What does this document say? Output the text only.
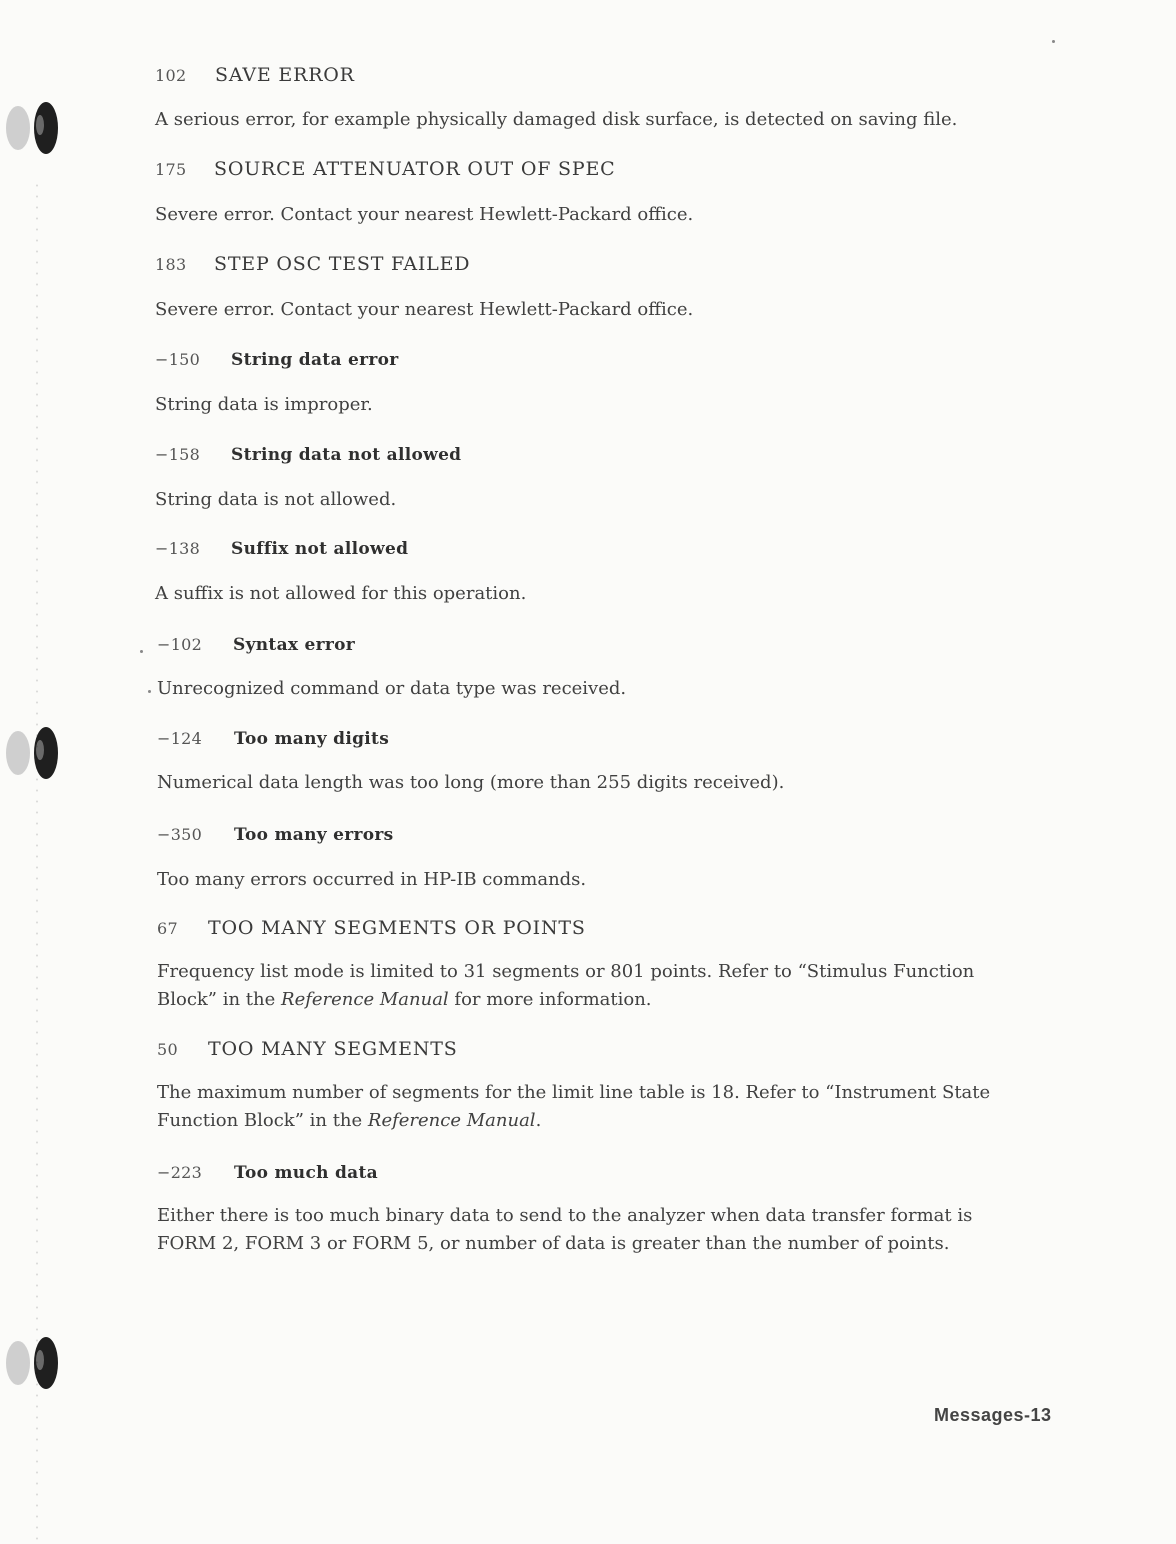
102 SAVE ERROR
A serious error, for example physically damaged disk surface, is detected on saving file.
175 SOURCE ATTENUATOR OUT OF SPEC
Severe error. Contact your nearest Hewlett-Packard office.
183 STEP OSC TEST FAILED
Severe error. Contact your nearest Hewlett-Packard office.
−150 String data error
String data is improper.
−158 String data not allowed
String data is not allowed.
−138 Suffix not allowed
A suffix is not allowed for this operation.
−102 Syntax error
Unrecognized command or data type was received.
−124 Too many digits
Numerical data length was too long (more than 255 digits received).
−350 Too many errors
Too many errors occurred in HP-IB commands.
67 TOO MANY SEGMENTS OR POINTS
Frequency list mode is limited to 31 segments or 801 points. Refer to “Stimulus Function
Block” in the Reference Manual for more information.
50 TOO MANY SEGMENTS
The maximum number of segments for the limit line table is 18. Refer to “Instrument State
Function Block” in the Reference Manual.
−223 Too much data
Either there is too much binary data to send to the analyzer when data transfer format is
FORM 2, FORM 3 or FORM 5, or number of data is greater than the number of points.
Messages-13
